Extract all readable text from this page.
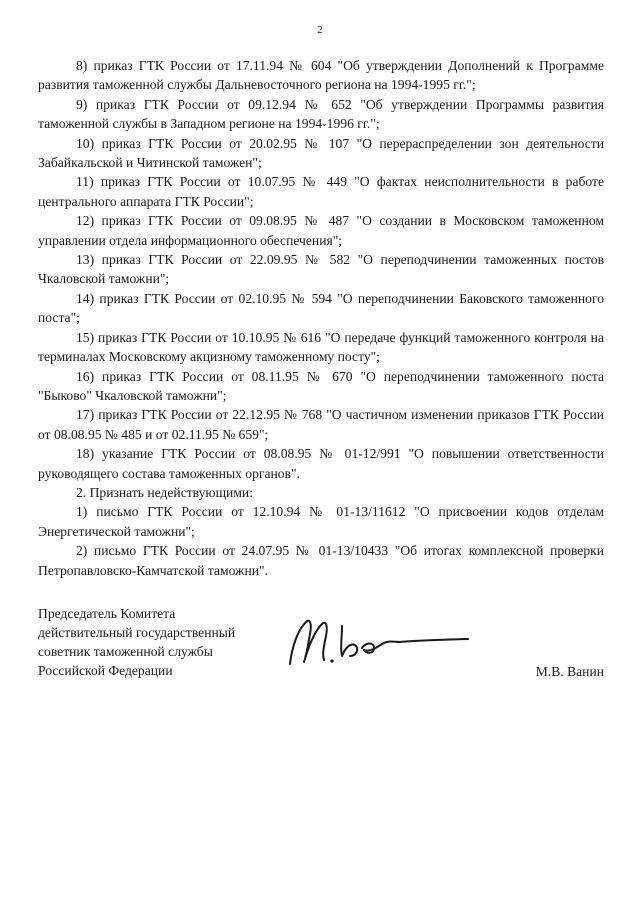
2

8) приказ ГТК России от 17.11.94 № 604 "Об утверждении Дополнений к Программе развития таможенной службы Дальневосточного региона на 1994-1995 гг.";

9) приказ ГТК России от 09.12.94 № 652 "Об утверждении Программы развития таможенной службы в Западном регионе на 1994-1996 гг.";

10) приказ ГТК России от 20.02.95 № 107 "О перераспределении зон деятельности Забайкальской и Читинской таможен";

11) приказ ГТК России от 10.07.95 № 449 "О фактах неисполнительности в работе центрального аппарата ГТК России";

12) приказ ГТК России от 09.08.95 № 487 "О создании в Московском таможенном управлении отдела информационного обеспечения";

13) приказ ГТК России от 22.09.95 № 582 "О переподчинении таможенных постов Чкаловской таможни";

14) приказ ГТК России от 02.10.95 № 594 "О переподчинении Баковского таможенного поста";

15) приказ ГТК России от 10.10.95 № 616 "О передаче функций таможенного контроля на терминалах Московскому акцизному таможенному посту";

16) приказ ГТК России от 08.11.95 № 670 "О переподчинении таможенного поста "Быково" Чкаловской таможни";

17) приказ ГТК России от 22.12.95 № 768 "О частичном изменении приказов ГТК России от 08.08.95 № 485 и от 02.11.95 № 659";

18) указание ГТК России от 08.08.95 № 01-12/991 "О повышении ответственности руководящего состава таможенных органов".

2. Признать недействующими:

1) письмо ГТК России от 12.10.94 № 01-13/11612 "О присвоении кодов отделам Энергетической таможни";

2) письмо ГТК России от 24.07.95 № 01-13/10433 "Об итогах комплексной проверки Петропавловско-Камчатской таможни".

Председатель Комитета
действительный государственный
советник таможенной службы
Российской Федерации	М.В. Ванин
